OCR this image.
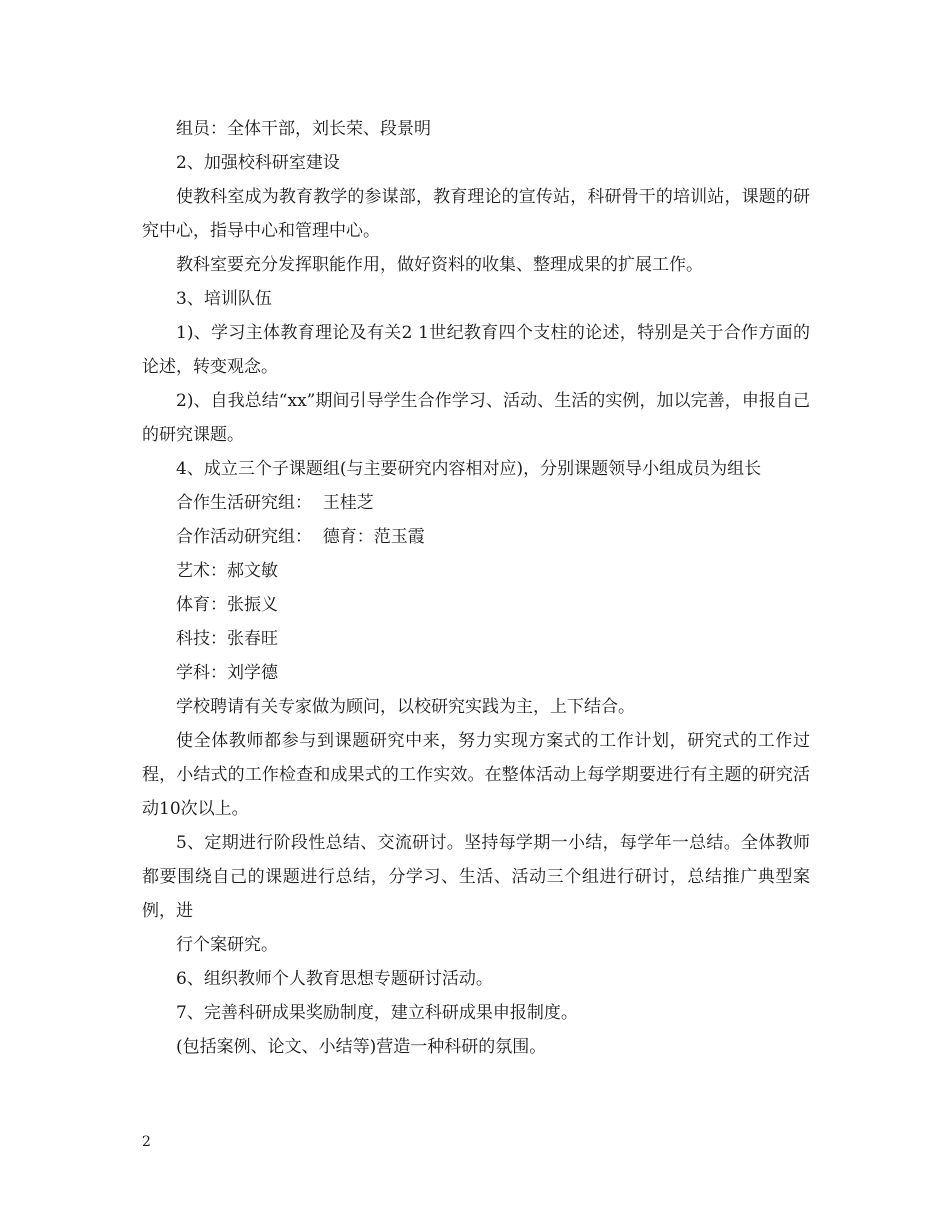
组员：全体干部，刘长荣、段景明

2、加强校科研室建设

使教科室成为教育教学的参谋部，教育理论的宣传站，科研骨干的培训站，课题的研究中心，指导中心和管理中心。

教科室要充分发挥职能作用，做好资料的收集、整理成果的扩展工作。

3、培训队伍

1)、学习主体教育理论及有关2 1世纪教育四个支柱的论述，特别是关于合作方面的论述，转变观念。

2)、自我总结“xx”期间引导学生合作学习、活动、生活的实例，加以完善，申报自己的研究课题。

4、成立三个子课题组(与主要研究内容相对应)，分别课题领导小组成员为组长

合作生活研究组：  王桂芝

合作活动研究组：  德育：范玉霞

艺术：郝文敏

体育：张振义

科技：张春旺

学科：刘学德

学校聘请有关专家做为顾问，以校研究实践为主，上下结合。

使全体教师都参与到课题研究中来，努力实现方案式的工作计划，研究式的工作过程，小结式的工作检查和成果式的工作实效。在整体活动上每学期要进行有主题的研究活动10次以上。

5、定期进行阶段性总结、交流研讨。坚持每学期一小结，每学年一总结。全体教师都要围绕自己的课题进行总结，分学习、生活、活动三个组进行研讨，总结推广典型案例，进

行个案研究。

6、组织教师个人教育思想专题研讨活动。

7、完善科研成果奖励制度，建立科研成果申报制度。

(包括案例、论文、小结等)营造一种科研的氛围。

2
